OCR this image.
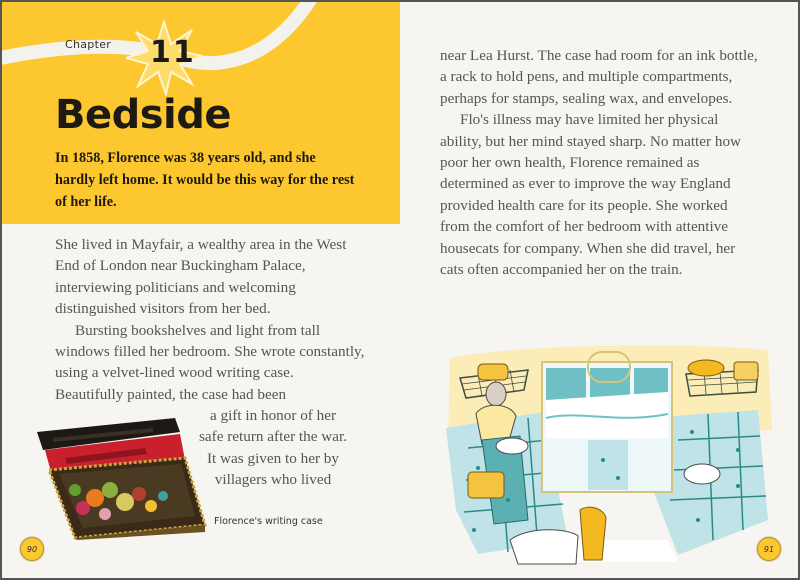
Chapter 11
Bedside

In 1858, Florence was 38 years old, and she hardly left home. It would be this way for the rest of her life.

She lived in Mayfair, a wealthy area in the West End of London near Buckingham Palace, interviewing politicians and welcoming distinguished visitors from her bed.

Bursting bookshelves and light from tall windows filled her bedroom. She wrote constantly, using a velvet-lined wood writing case. Beautifully painted, the case had been

a gift in honor of her
safe return after the war.
It was given to her by
villagers who lived
Florence's writing case
90

near Lea Hurst. The case had room for an ink bottle, a rack to hold pens, and multiple compartments, perhaps for stamps, sealing wax, and envelopes.

Flo's illness may have limited her physical ability, but her mind stayed sharp. No matter how poor her own health, Florence remained as determined as ever to improve the way England provided health care for its people. She worked from the comfort of her bedroom with attentive housecats for company. When she did travel, her cats often accompanied her on the train.

91
